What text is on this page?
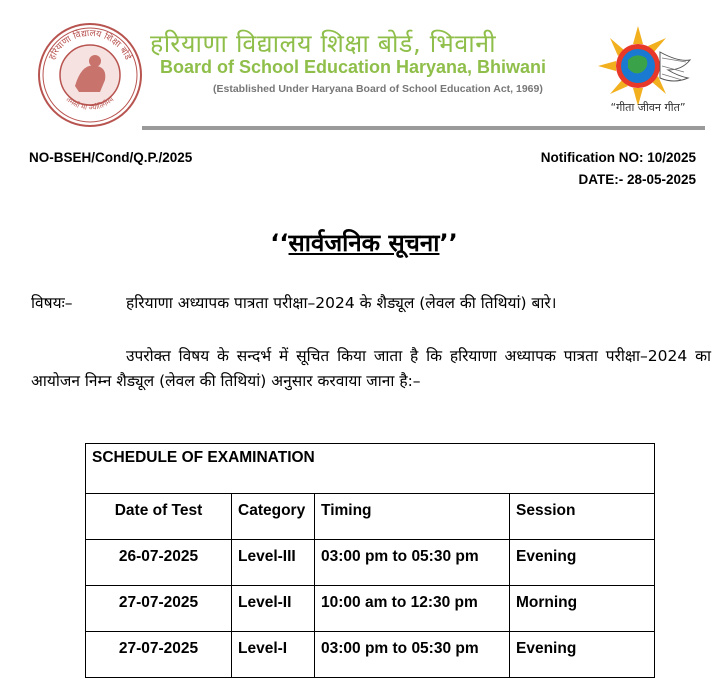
हरियाणा विद्यालय शिक्षा बोर्ड
तमसो मा ज्योतिर्गमय
हरियाणा विद्यालय शिक्षा बोर्ड, भिवानी
Board of School Education Haryana, Bhiwani
(Established Under Haryana Board of School Education Act, 1969)
“गीता जीवन गीत”
NO-BSEH/Cond/Q.P./2025	Notification NO: 10/2025
DATE:- 28-05-2025
‘‘सार्वजनिक सूचना’’
विषयः–	हरियाणा अध्यापक पात्रता परीक्षा–2024 के शैड्यूल (लेवल की तिथियां) बारे।
उपरोक्त विषय के सन्दर्भ में सूचित किया जाता है कि हरियाणा अध्यापक पात्रता परीक्षा–2024 का आयोजन निम्न शैड्यूल (लेवल की तिथियां) अनुसार करवाया जाना है:–
SCHEDULE OF EXAMINATION			
Date of Test	Category	Timing	Session
26-07-2025	Level-III	03:00 pm to 05:30 pm	Evening
27-07-2025	Level-II	10:00 am to 12:30 pm	Morning
27-07-2025	Level-I	03:00 pm to 05:30 pm	Evening
